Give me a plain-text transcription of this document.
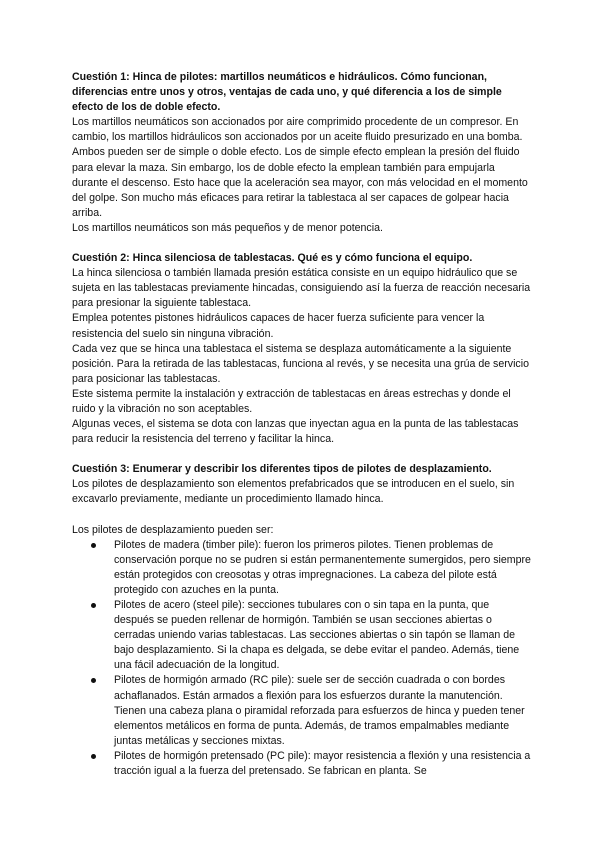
Cuestión 1: Hinca de pilotes: martillos neumáticos e hidráulicos. Cómo funcionan, diferencias entre unos y otros, ventajas de cada uno, y qué diferencia a los de simple efecto de los de doble efecto.

Los martillos neumáticos son accionados por aire comprimido procedente de un compresor. En cambio, los martillos hidráulicos son accionados por un aceite fluido presurizado en una bomba.

Ambos pueden ser de simple o doble efecto. Los de simple efecto emplean la presión del fluido para elevar la maza. Sin embargo, los de doble efecto la emplean también para empujarla durante el descenso. Esto hace que la aceleración sea mayor, con más velocidad en el momento del golpe. Son mucho más eficaces para retirar la tablestaca al ser capaces de golpear hacia arriba.

Los martillos neumáticos son más pequeños y de menor potencia.

Cuestión 2: Hinca silenciosa de tablestacas. Qué es y cómo funciona el equipo.

La hinca silenciosa o también llamada presión estática consiste en un equipo hidráulico que se sujeta en las tablestacas previamente hincadas, consiguiendo así la fuerza de reacción necesaria para presionar la siguiente tablestaca.

Emplea potentes pistones hidráulicos capaces de hacer fuerza suficiente para vencer la resistencia del suelo sin ninguna vibración.

Cada vez que se hinca una tablestaca el sistema se desplaza automáticamente a la siguiente posición. Para la retirada de las tablestacas, funciona al revés, y se necesita una grúa de servicio para posicionar las tablestacas.

Este sistema permite la instalación y extracción de tablestacas en áreas estrechas y donde el ruido y la vibración no son aceptables.

Algunas veces, el sistema se dota con lanzas que inyectan agua en la punta de las tablestacas para reducir la resistencia del terreno y facilitar la hinca.

Cuestión 3: Enumerar y describir los diferentes tipos de pilotes de desplazamiento.

Los pilotes de desplazamiento son elementos prefabricados que se introducen en el suelo, sin excavarlo previamente, mediante un procedimiento llamado hinca.

Los pilotes de desplazamiento pueden ser:

Pilotes de madera (timber pile): fueron los primeros pilotes. Tienen problemas de conservación porque no se pudren si están permanentemente sumergidos, pero siempre están protegidos con creosotas y otras impregnaciones. La cabeza del pilote está protegido con azuches en la punta.
Pilotes de acero (steel pile): secciones tubulares con o sin tapa en la punta, que después se pueden rellenar de hormigón. También se usan secciones abiertas o cerradas uniendo varias tablestacas. Las secciones abiertas o sin tapón se llaman de bajo desplazamiento. Si la chapa es delgada, se debe evitar el pandeo. Además, tiene una fácil adecuación de la longitud.
Pilotes de hormigón armado (RC pile): suele ser de sección cuadrada o con bordes achaflanados. Están armados a flexión para los esfuerzos durante la manutención. Tienen una cabeza plana o piramidal reforzada para esfuerzos de hinca y pueden tener elementos metálicos en forma de punta. Además, de tramos empalmables mediante juntas metálicas y secciones mixtas.
Pilotes de hormigón pretensado (PC pile): mayor resistencia a flexión y una resistencia a tracción igual a la fuerza del pretensado. Se fabrican en planta. Se
